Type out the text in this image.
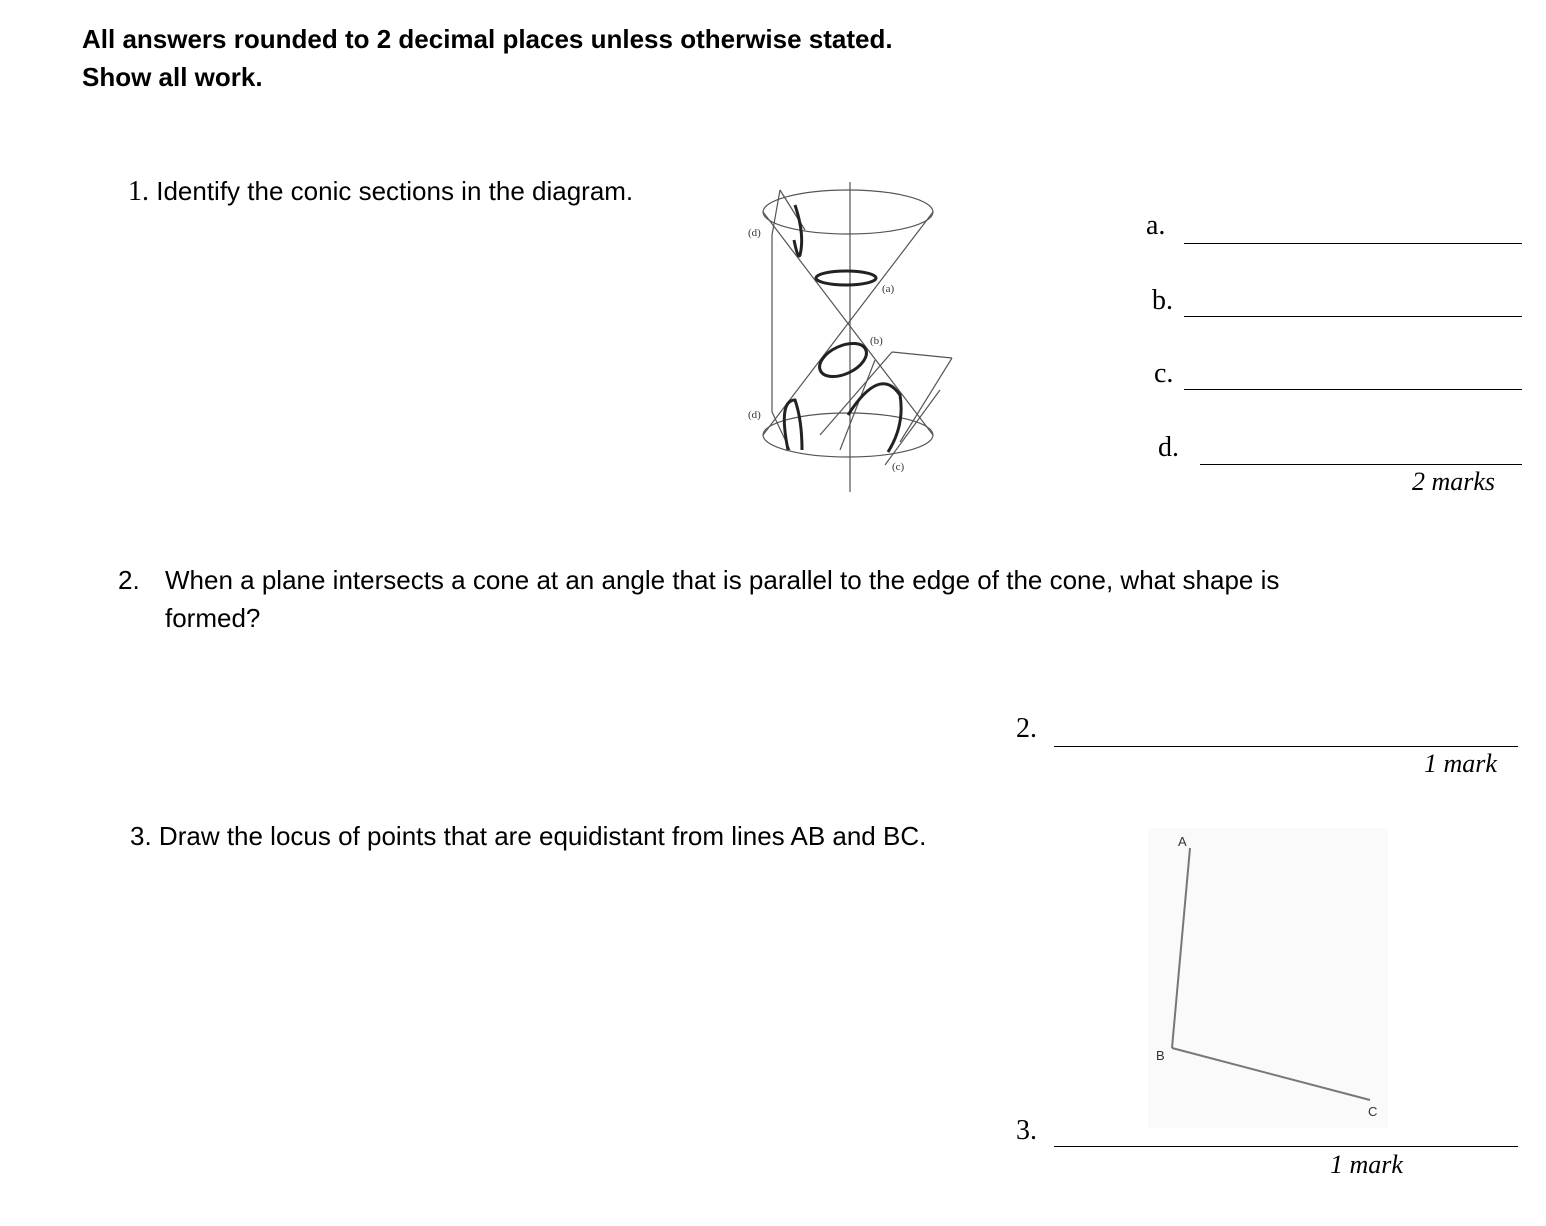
All answers rounded to 2 decimal places unless otherwise stated.
Show all work.
1. Identify the conic sections in the diagram.
(d)
(a)
(b)
(d)
(c)
a.
b.
c.
d.
2 marks
2. When a plane intersects a cone at an angle that is parallel to the edge of the cone, what shape is
formed?
2.
1 mark
3. Draw the locus of points that are equidistant from lines AB and BC.	A
B
C
3.
1 mark
